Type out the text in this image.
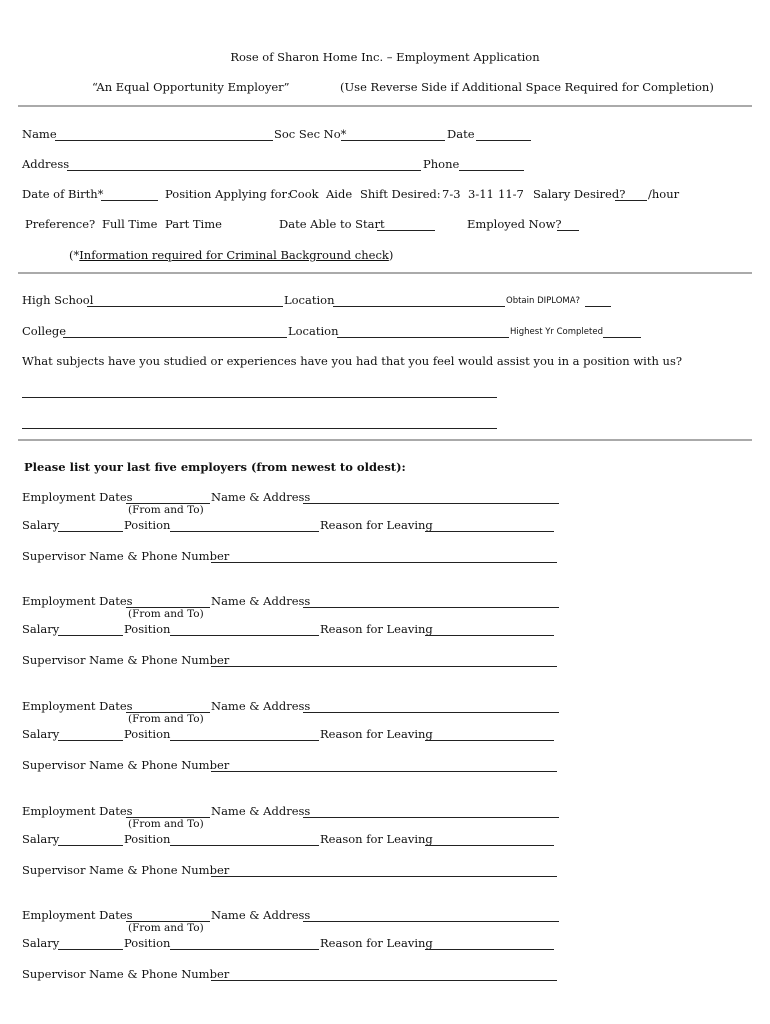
Rose of Sharon Home Inc. – Employment Application
“An Equal Opportunity Employer”	(Use Reverse Side if Additional Space Required for Completion)
Name	Soc Sec No*	Date
Address	Phone
Date of Birth*	Position Applying for:
Cook Aide Shift Desired: 7-3 3-11 11-7 Salary Desired? /hour
Preference? Full Time Part Time	Date Able to Start	Employed Now?
(*Information required for Criminal Background check)
High School	Location	Obtain DIPLOMA?
College	Location	Highest Yr Completed
What subjects have you studied or experiences have you had that you feel would assist you in a position with us?
Please list your last five employers (from newest to oldest):
Employment Dates	Name & Address
(From and To)
Salary	Position	Reason for Leaving
Supervisor Name & Phone Number
Employment Dates	Name & Address
(From and To)
Salary	Position	Reason for Leaving
Supervisor Name & Phone Number
Employment Dates	Name & Address
(From and To)
Salary	Position	Reason for Leaving
Supervisor Name & Phone Number
Employment Dates	Name & Address
(From and To)
Salary	Position	Reason for Leaving
Supervisor Name & Phone Number
Employment Dates	Name & Address
(From and To)
Salary	Position	Reason for Leaving
Supervisor Name & Phone Number
